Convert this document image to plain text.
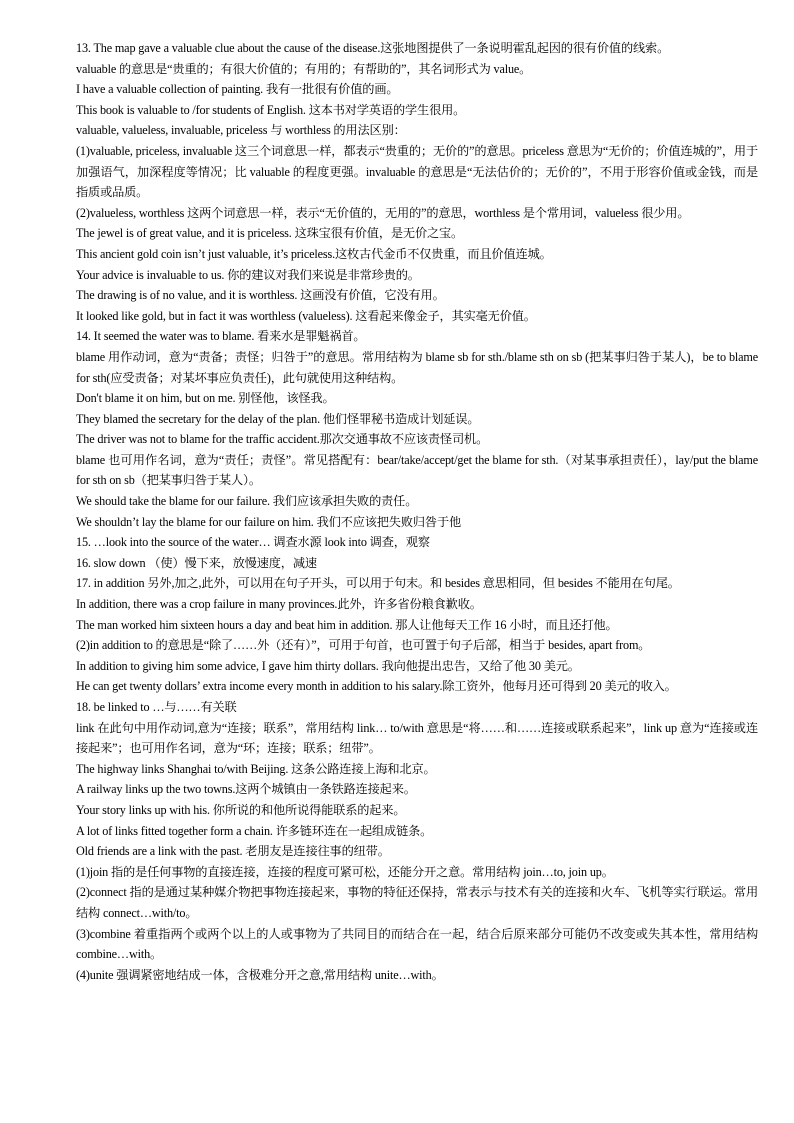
13. The map gave a valuable clue about the cause of the disease.这张地图提供了一条说明霍乱起因的很有价值的线索。

valuable 的意思是“贵重的；有很大价值的；有用的；有帮助的”，其名词形式为 value。

I have a valuable collection of painting. 我有一批很有价值的画。

This book is valuable to /for students of English. 这本书对学英语的学生很用。

valuable, valueless, invaluable, priceless 与 worthless 的用法区别：

(1)valuable, priceless, invaluable 这三个词意思一样，都表示“贵重的；无价的”的意思。priceless 意思为“无价的；价值连城的”，用于加强语气，加深程度等情况；比 valuable 的程度更强。invaluable 的意思是“无法估价的；无价的”，不用于形容价值或金钱，而是指质或品质。

(2)valueless, worthless 这两个词意思一样，表示“无价值的，无用的”的意思，worthless 是个常用词，valueless 很少用。

The jewel is of great value, and it is priceless. 这珠宝很有价值，是无价之宝。

This ancient gold coin isn’t just valuable, it’s priceless.这枚古代金币不仅贵重，而且价值连城。

Your advice is invaluable to us. 你的建议对我们来说是非常珍贵的。

The drawing is of no value, and it is worthless. 这画没有价值，它没有用。

It looked like gold, but in fact it was worthless (valueless). 这看起来像金子，其实毫无价值。

14. It seemed the water was to blame. 看来水是罪魁祸首。

blame 用作动词，意为“责备；责怪；归咎于”的意思。常用结构为 blame sb for sth./blame sth on sb (把某事归咎于某人)，be to blame for sth(应受责备；对某坏事应负责任)，此句就使用这种结构。

Don't blame it on him, but on me. 别怪他，该怪我。

They blamed the secretary for the delay of the plan. 他们怪罪秘书造成计划延误。

The driver was not to blame for the traffic accident.那次交通事故不应该责怪司机。

blame 也可用作名词，意为“责任；责怪”。常见搭配有：bear/take/accept/get the blame for sth.（对某事承担责任），lay/put the blame for sth on sb（把某事归咎于某人）。

We should take the blame for our failure. 我们应该承担失败的责任。

We shouldn’t lay the blame for our failure on him. 我们不应该把失败归咎于他

15. …look into the source of the water… 调查水源 look into 调查，观察

16. slow down （使）慢下来，放慢速度，减速

17. in addition 另外,加之,此外，可以用在句子开头，可以用于句末。和 besides 意思相同，但 besides 不能用在句尾。

In addition, there was a crop failure in many provinces.此外，许多省份粮食歉收。

The man worked him sixteen hours a day and beat him in addition. 那人让他每天工作 16 小时，而且还打他。

(2)in addition to 的意思是“除了……外（还有）”，可用于句首，也可置于句子后部，相当于 besides, apart from。

In addition to giving him some advice, I gave him thirty dollars. 我向他提出忠告，又给了他 30 美元。

He can get twenty dollars’ extra income every month in addition to his salary.除工资外，他每月还可得到 20 美元的收入。

18. be linked to …与……有关联

link 在此句中用作动词,意为“连接；联系”，常用结构 link… to/with 意思是“将……和……连接或联系起来”，link up 意为“连接或连接起来”；也可用作名词，意为“环；连接；联系；纽带”。

The highway links Shanghai to/with Beijing. 这条公路连接上海和北京。

A railway links up the two towns.这两个城镇由一条铁路连接起来。

Your story links up with his. 你所说的和他所说得能联系的起来。

A lot of links fitted together form a chain. 许多链环连在一起组成链条。

Old friends are a link with the past. 老朋友是连接往事的纽带。

(1)join 指的是任何事物的直接连接，连接的程度可紧可松，还能分开之意。常用结构 join…to, join up。

(2)connect 指的是通过某种媒介物把事物连接起来，事物的特征还保持，常表示与技术有关的连接和火车、飞机等实行联运。常用结构 connect…with/to。

(3)combine 着重指两个或两个以上的人或事物为了共同目的而结合在一起，结合后原来部分可能仍不改变或失其本性，常用结构 combine…with。

(4)unite 强调紧密地结成一体，含极难分开之意,常用结构 unite…with。
